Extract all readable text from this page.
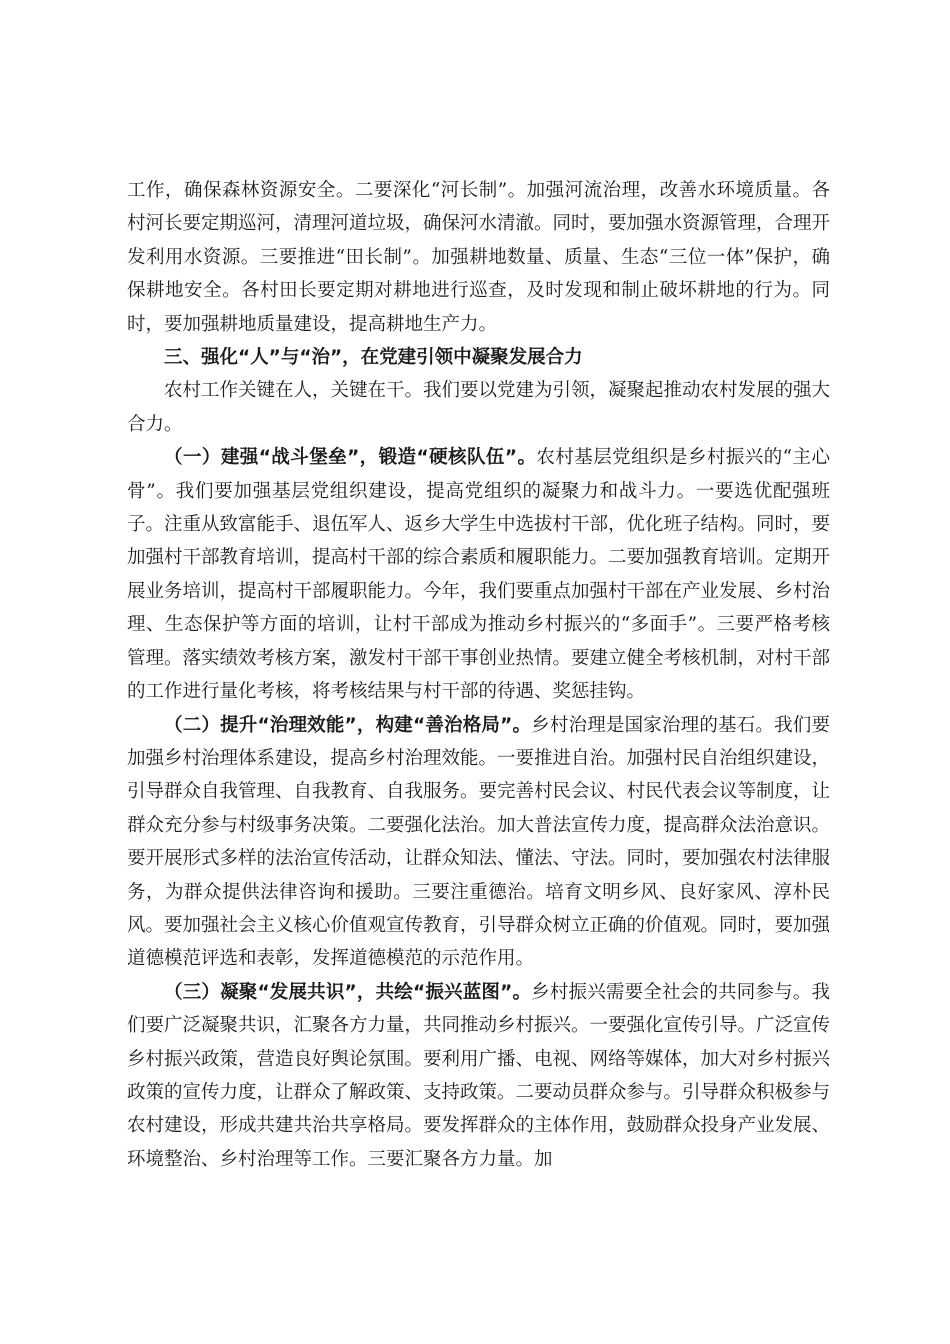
工作，确保森林资源安全。二要深化“河长制”。加强河流治理，改善水环境质量。各村河长要定期巡河，清理河道垃圾，确保河水清澈。同时，要加强水资源管理，合理开发利用水资源。三要推进“田长制”。加强耕地数量、质量、生态“三位一体”保护，确保耕地安全。各村田长要定期对耕地进行巡查，及时发现和制止破坏耕地的行为。同时，要加强耕地质量建设，提高耕地生产力。

三、强化“人”与“治”，在党建引领中凝聚发展合力

农村工作关键在人，关键在干。我们要以党建为引领，凝聚起推动农村发展的强大合力。

（一）建强“战斗堡垒”，锻造“硬核队伍”。农村基层党组织是乡村振兴的“主心骨”。我们要加强基层党组织建设，提高党组织的凝聚力和战斗力。一要选优配强班子。注重从致富能手、退伍军人、返乡大学生中选拔村干部，优化班子结构。同时，要加强村干部教育培训，提高村干部的综合素质和履职能力。二要加强教育培训。定期开展业务培训，提高村干部履职能力。今年，我们要重点加强村干部在产业发展、乡村治理、生态保护等方面的培训，让村干部成为推动乡村振兴的“多面手”。三要严格考核管理。落实绩效考核方案，激发村干部干事创业热情。要建立健全考核机制，对村干部的工作进行量化考核，将考核结果与村干部的待遇、奖惩挂钩。

（二）提升“治理效能”，构建“善治格局”。乡村治理是国家治理的基石。我们要加强乡村治理体系建设，提高乡村治理效能。一要推进自治。加强村民自治组织建设，引导群众自我管理、自我教育、自我服务。要完善村民会议、村民代表会议等制度，让群众充分参与村级事务决策。二要强化法治。加大普法宣传力度，提高群众法治意识。要开展形式多样的法治宣传活动，让群众知法、懂法、守法。同时，要加强农村法律服务，为群众提供法律咨询和援助。三要注重德治。培育文明乡风、良好家风、淳朴民风。要加强社会主义核心价值观宣传教育，引导群众树立正确的价值观。同时，要加强道德模范评选和表彰，发挥道德模范的示范作用。

（三）凝聚“发展共识”，共绘“振兴蓝图”。乡村振兴需要全社会的共同参与。我们要广泛凝聚共识，汇聚各方力量，共同推动乡村振兴。一要强化宣传引导。广泛宣传乡村振兴政策，营造良好舆论氛围。要利用广播、电视、网络等媒体，加大对乡村振兴政策的宣传力度，让群众了解政策、支持政策。二要动员群众参与。引导群众积极参与农村建设，形成共建共治共享格局。要发挥群众的主体作用，鼓励群众投身产业发展、环境整治、乡村治理等工作。三要汇聚各方力量。加
